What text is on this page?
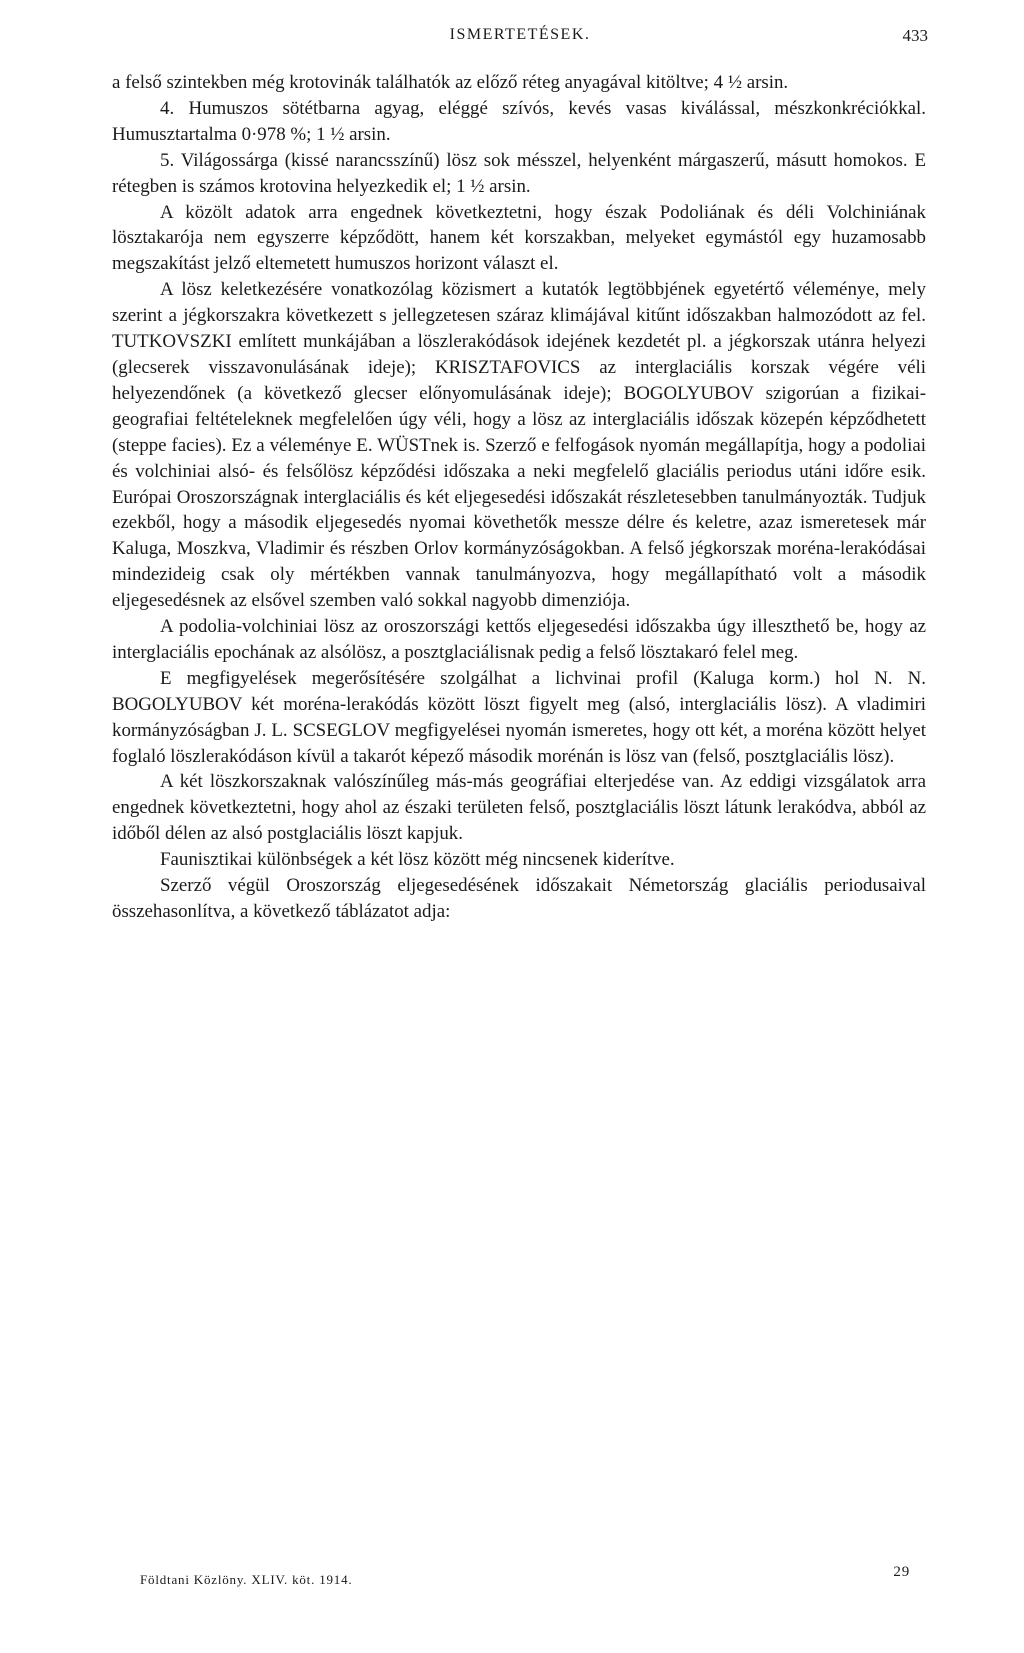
ISMERTETÉSEK.	433

a felső szintekben még krotovinák találhatók az előző réteg anyagával kitöltve; 4 ½ arsin.

4. Humuszos sötétbarna agyag, eléggé szívós, kevés vasas kiválással, mészkonkréciókkal. Humusztartalma 0·978 %; 1 ½ arsin.

5. Világossárga (kissé narancsszínű) lösz sok mésszel, helyenként márgaszerű, másutt homokos. E rétegben is számos krotovina helyezkedik el; 1 ½ arsin.

A közölt adatok arra engednek következtetni, hogy észak Podoliának és déli Volchiniának lösztakarója nem egyszerre képződött, hanem két korszakban, melyeket egymástól egy huzamosabb megszakítást jelző eltemetett humuszos horizont választ el.

A lösz keletkezésére vonatkozólag közismert a kutatók legtöbbjének egyetértő véleménye, mely szerint a jégkorszakra következett s jellegzetesen száraz klimájával kitűnt időszakban halmozódott az fel. TUTKOVSZKI említett munkájában a löszlerakódások idejének kezdetét pl. a jégkorszak utánra helyezi (glecserek visszavonulásának ideje); KRISZTAFOVICS az interglaciális korszak végére véli helyezendőnek (a következő glecser előnyomulásának ideje); BOGOLYUBOV szigorúan a fizikai-geografiai feltételeknek megfelelően úgy véli, hogy a lösz az interglaciális időszak közepén képződhetett (steppe facies). Ez a véleménye E. WÜSTnek is. Szerző e felfogások nyomán megállapítja, hogy a podoliai és volchiniai alsó- és felsőlösz képződési időszaka a neki megfelelő glaciális periodus utáni időre esik. Európai Oroszországnak interglaciális és két eljegesedési időszakát részletesebben tanulmányozták. Tudjuk ezekből, hogy a második eljegesedés nyomai követhetők messze délre és keletre, azaz ismeretesek már Kaluga, Moszkva, Vladimir és részben Orlov kormányzóságokban. A felső jégkorszak moréna-lerakódásai mindezideig csak oly mértékben vannak tanulmányozva, hogy megállapítható volt a második eljegesedésnek az elsővel szemben való sokkal nagyobb dimenziója.

A podolia-volchiniai lösz az oroszországi kettős eljegesedési időszakba úgy illeszthető be, hogy az interglaciális epochának az alsólösz, a posztglaciálisnak pedig a felső lösztakaró felel meg.

E megfigyelések megerősítésére szolgálhat a lichvinai profil (Kaluga korm.) hol N. N. BOGOLYUBOV két moréna-lerakódás között löszt figyelt meg (alsó, interglaciális lösz). A vladimiri kormányzóságban J. L. SCSEGLOV megfigyelései nyomán ismeretes, hogy ott két, a moréna között helyet foglaló löszlerakódáson kívül a takarót képező második morénán is lösz van (felső, posztglaciális lösz).

A két löszkorszaknak valószínűleg más-más geográfiai elterjedése van. Az eddigi vizsgálatok arra engednek következtetni, hogy ahol az északi területen felső, posztglaciális löszt látunk lerakódva, abból az időből délen az alsó postglaciális löszt kapjuk.

Faunisztikai különbségek a két lösz között még nincsenek kiderítve.

Szerző végül Oroszország eljegesedésének időszakait Németország glaciális periodusaival összehasonlítva, a következő táblázatot adja:

Földtani Közlöny. XLIV. köt. 1914.	29
